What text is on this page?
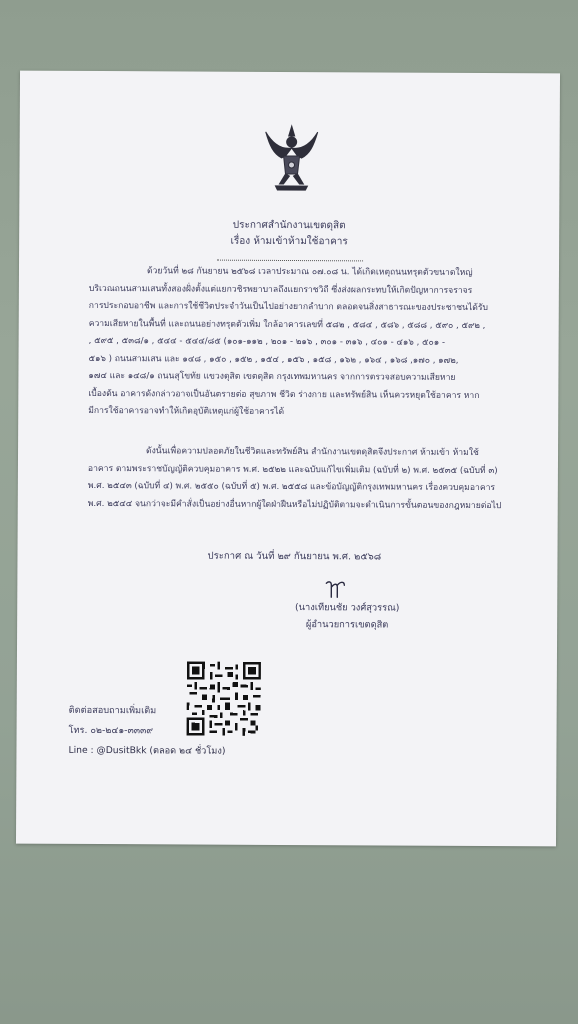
ประกาศสำนักงานเขตดุสิต
เรื่อง ห้ามเข้าห้ามใช้อาคาร
ด้วยวันที่ ๒๘ กันยายน ๒๕๖๘ เวลาประมาณ ๐๗.๐๘ น. ได้เกิดเหตุถนนทรุดตัวขนาดใหญ่
บริเวณถนนสามเสนทั้งสองฝั่งตั้งแต่แยกวชิรพยาบาลถึงแยกราชวิถี ซึ่งส่งผลกระทบให้เกิดปัญหาการจราจร
การประกอบอาชีพ และการใช้ชีวิตประจำวันเป็นไปอย่างยากลำบาก ตลอดจนสิ่งสาธารณะของประชาชนได้รับ
ความเสียหายในพื้นที่ และถนนอย่างทรุดตัวเพิ่ม ใกล้อาคารเลขที่ ๕๘๒ , ๕๘๔ , ๕๘๖ , ๕๘๘ , ๕๙๐ , ๕๙๒ ,
, ๕๙๕ , ๕๓๘/๑ , ๕๔๔ - ๕๔๔/๘๕ (๑๐๑-๑๑๒ , ๒๐๑ - ๒๑๖ , ๓๐๑ - ๓๑๖ , ๔๐๑ - ๔๑๖ , ๕๐๑ -
๕๑๖ ) ถนนสามเสน และ ๑๔๘ , ๑๕๐ , ๑๕๒ , ๑๕๔ , ๑๕๖ , ๑๕๘ , ๑๖๒ , ๑๖๔ , ๑๖๘ ,๑๗๐ , ๑๗๒,
๑๗๔ และ ๑๔๘/๑ ถนนสุโขทัย แขวงดุสิต เขตดุสิต กรุงเทพมหานคร จากการตรวจสอบความเสียหาย
เบื้องต้น อาคารดังกล่าวอาจเป็นอันตรายต่อ สุขภาพ ชีวิต ร่างกาย และทรัพย์สิน เห็นควรหยุดใช้อาคาร หาก
มีการใช้อาคารอาจทำให้เกิดอุบัติเหตุแก่ผู้ใช้อาคารได้
ดังนั้นเพื่อความปลอดภัยในชีวิตและทรัพย์สิน สำนักงานเขตดุสิตจึงประกาศ ห้ามเข้า ห้ามใช้
อาคาร ตามพระราชบัญญัติควบคุมอาคาร พ.ศ. ๒๕๒๒ และฉบับแก้ไขเพิ่มเติม (ฉบับที่ ๒) พ.ศ. ๒๕๓๕ (ฉบับที่ ๓)
พ.ศ. ๒๕๔๓ (ฉบับที่ ๔) พ.ศ. ๒๕๕๐ (ฉบับที่ ๕) พ.ศ. ๒๕๕๘ และข้อบัญญัติกรุงเทพมหานคร เรื่องควบคุมอาคาร
พ.ศ. ๒๕๔๔ จนกว่าจะมีคำสั่งเป็นอย่างอื่นหากผู้ใดฝ่าฝืนหรือไม่ปฏิบัติตามจะดำเนินการขั้นตอนของกฎหมายต่อไป
ประกาศ ณ วันที่ ๒๙ กันยายน พ.ศ. ๒๕๖๘
(นางเทียนชัย วงศ์สุวรรณ)
ผู้อำนวยการเขตดุสิต
ติดต่อสอบถามเพิ่มเติม
โทร. ๐๒-๒๔๑-๓๓๓๙
Line : @DusitBkk (ตลอด ๒๔ ชั่วโมง)
